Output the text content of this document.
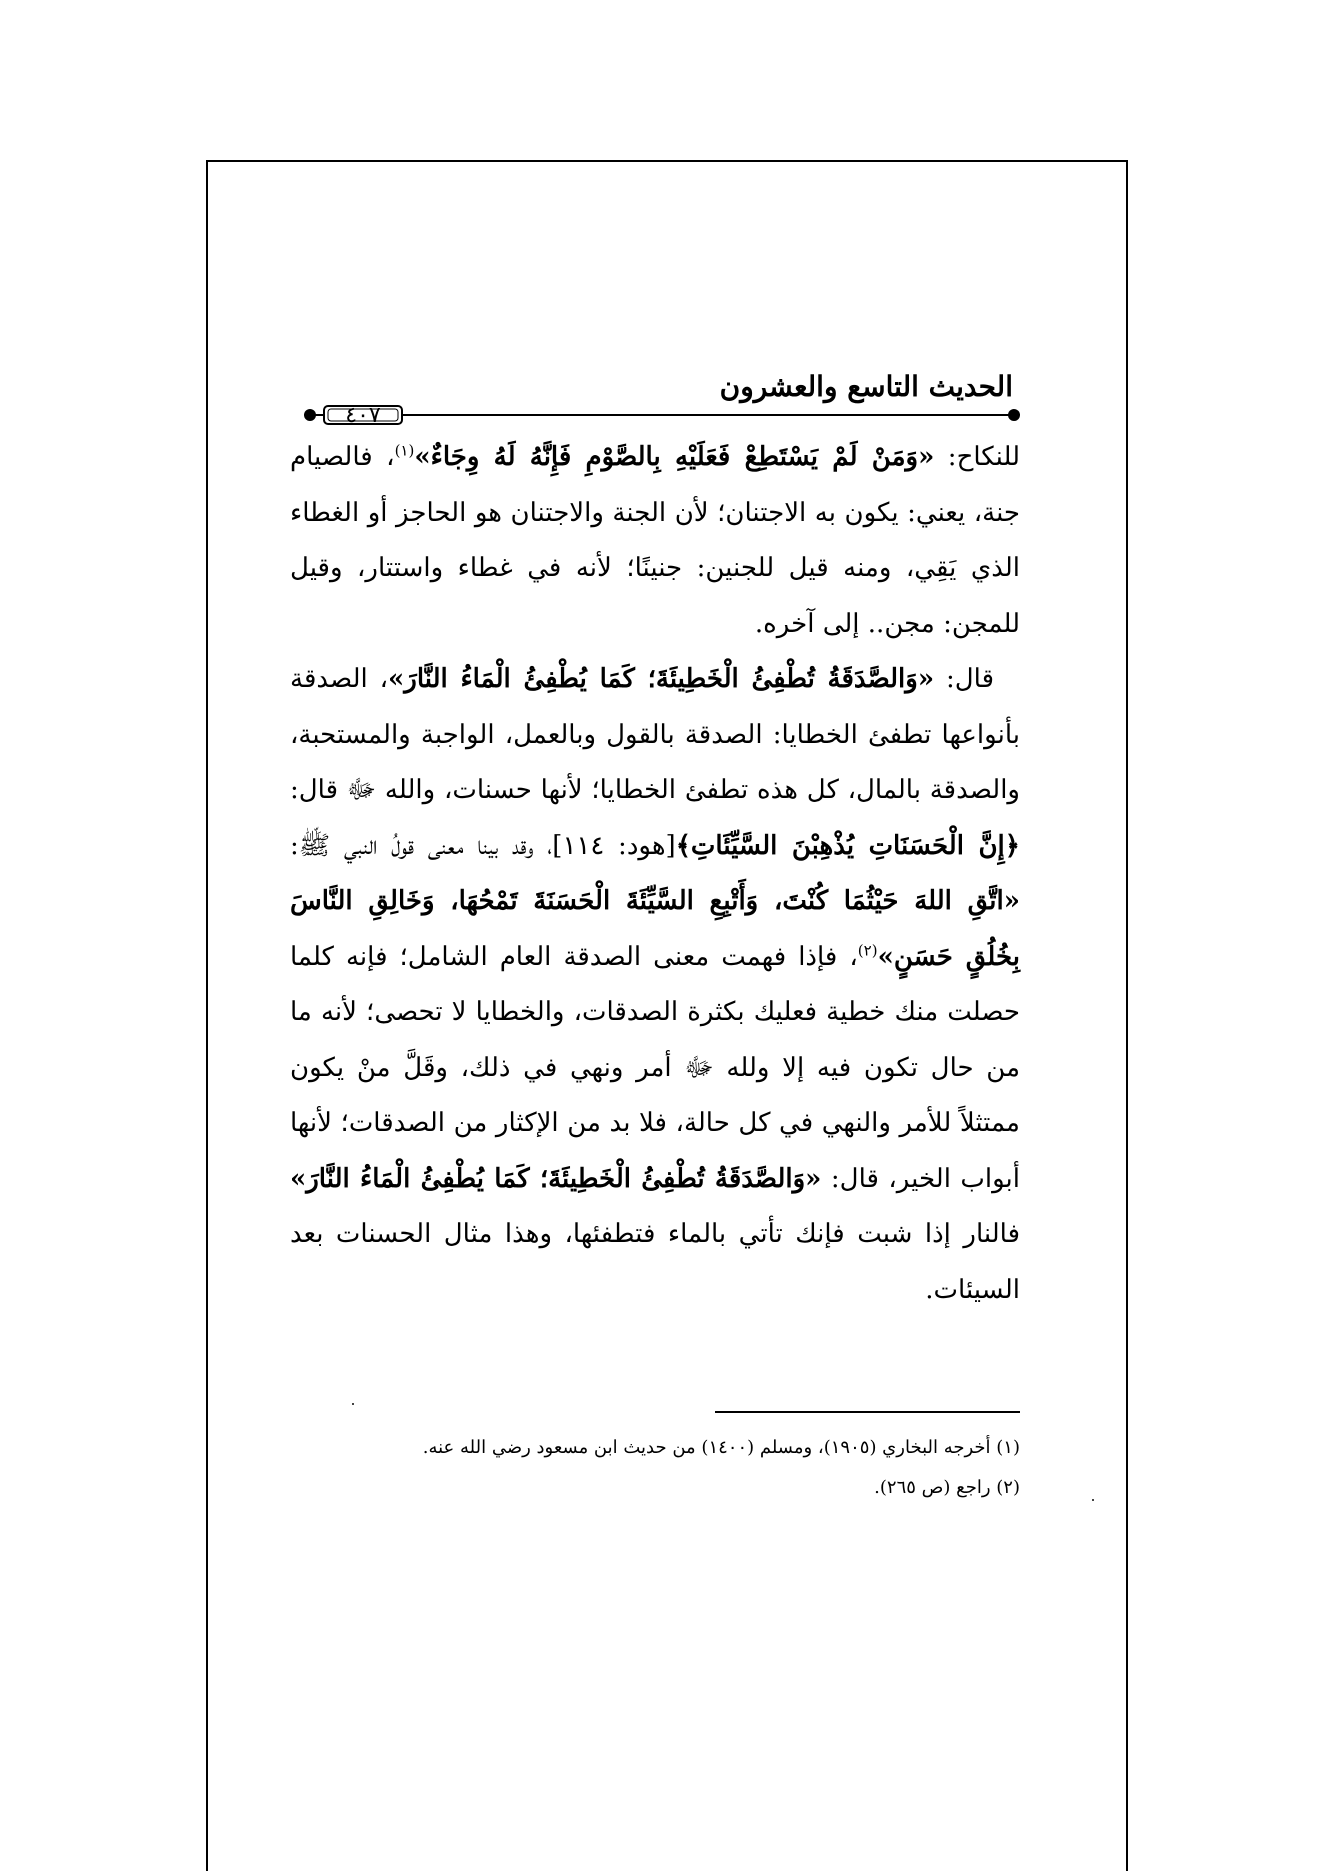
الحديث التاسع والعشرون
٤٠٧

للنكاح: «وَمَنْ لَمْ يَسْتَطِعْ فَعَلَيْهِ بِالصَّوْمِ فَإِنَّهُ لَهُ وِجَاءٌ»$^{(١)}$، فالصيام جنة، يعني: يكون به الاجتنان؛ لأن الجنة والاجتنان هو الحاجز أو الغطاء الذي يَقِي، ومنه قيل للجنين: جنينًا؛ لأنه في غطاء واستتار، وقيل للمجن: مجن.. إلى آخره.

قال: «وَالصَّدَقَةُ تُطْفِئُ الْخَطِيئَةَ؛ كَمَا يُطْفِئُ الْمَاءُ النَّارَ»، الصدقة بأنواعها تطفئ الخطايا: الصدقة بالقول وبالعمل، الواجبة والمستحبة، والصدقة بالمال، كل هذه تطفئ الخطايا؛ لأنها حسنات، والله ﷻ قال: ﴿إِنَّ الْحَسَنَاتِ يُذْهِبْنَ السَّيِّئَاتِ﴾[هود: ١١٤]، وقد بينا معنى قولُ النبي ﷺ: «اتَّقِ اللهَ حَيْثُمَا كُنْتَ، وَأَتْبِعِ السَّيِّئَةَ الْحَسَنَةَ تَمْحُهَا، وَخَالِقِ النَّاسَ بِخُلُقٍ حَسَنٍ»$^{(٢)}$، فإذا فهمت معنى الصدقة العام الشامل؛ فإنه كلما حصلت منك خطية فعليك بكثرة الصدقات، والخطايا لا تحصى؛ لأنه ما من حال تكون فيه إلا ولله ﷻ أمر ونهي في ذلك، وقَلَّ منْ يكون ممتثلاً للأمر والنهي في كل حالة، فلا بد من الإكثار من الصدقات؛ لأنها أبواب الخير، قال: «وَالصَّدَقَةُ تُطْفِئُ الْخَطِيئَةَ؛ كَمَا يُطْفِئُ الْمَاءُ النَّارَ» فالنار إذا شبت فإنك تأتي بالماء فتطفئها، وهذا مثال الحسنات بعد السيئات.

(١) أخرجه البخاري (١٩٠٥)، ومسلم (١٤٠٠) من حديث ابن مسعود رضي الله عنه.

(٢) راجع (ص ٢٦٥).
